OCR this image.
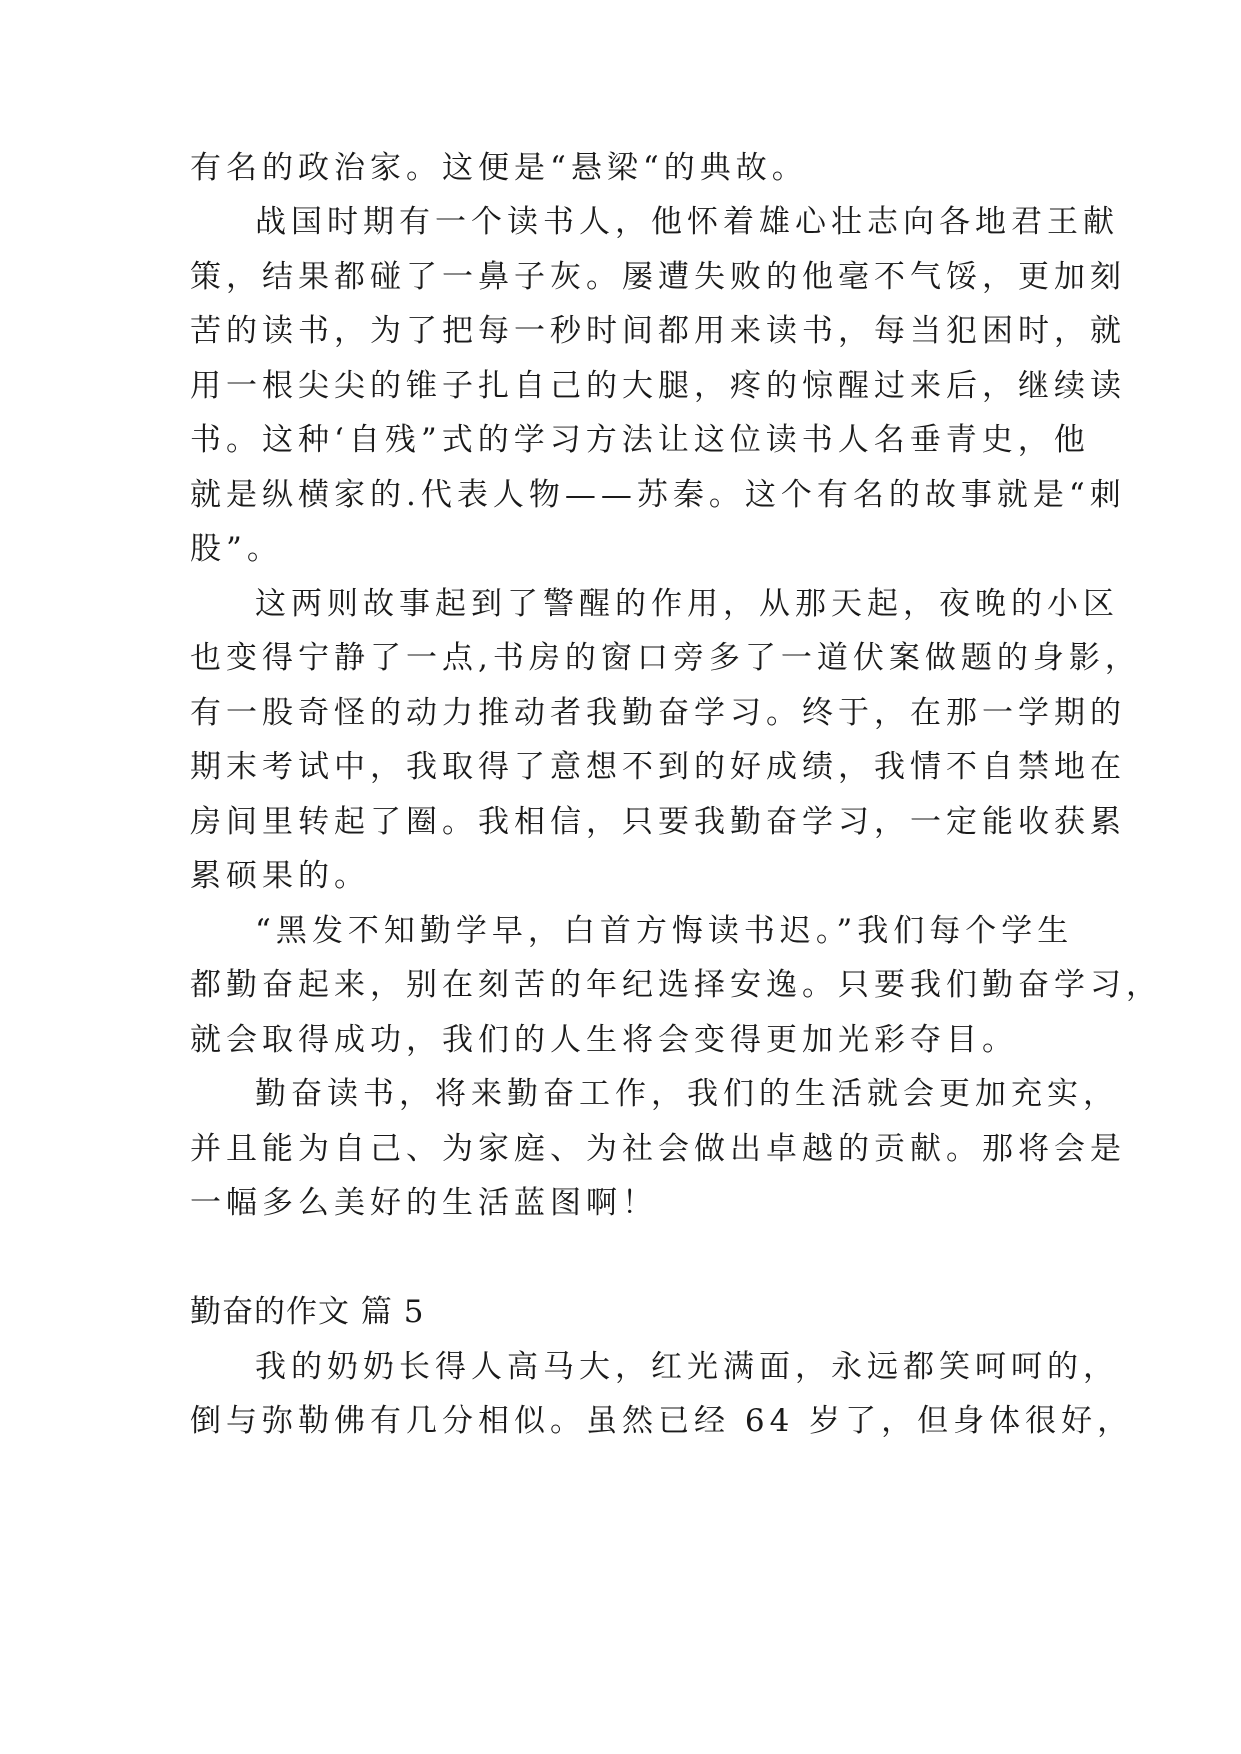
有名的政治家。这便是“悬梁“的典故。

战国时期有一个读书人，他怀着雄心壮志向各地君王献

策，结果都碰了一鼻子灰。屡遭失败的他毫不气馁，更加刻

苦的读书，为了把每一秒时间都用来读书，每当犯困时，就

用一根尖尖的锥子扎自己的大腿，疼的惊醒过来后，继续读

书。这种‘自残”式的学习方法让这位读书人名垂青史，他

就是纵横家的.代表人物——苏秦。这个有名的故事就是“刺

股”。

这两则故事起到了警醒的作用，从那天起，夜晚的小区

也变得宁静了一点,书房的窗口旁多了一道伏案做题的身影，

有一股奇怪的动力推动者我勤奋学习。终于，在那一学期的

期末考试中，我取得了意想不到的好成绩，我情不自禁地在

房间里转起了圈。我相信，只要我勤奋学习，一定能收获累

累硕果的。

“黑发不知勤学早，白首方悔读书迟。”我们每个学生

都勤奋起来，别在刻苦的年纪选择安逸。只要我们勤奋学习，

就会取得成功，我们的人生将会变得更加光彩夺目。

勤奋读书，将来勤奋工作，我们的生活就会更加充实，

并且能为自己、为家庭、为社会做出卓越的贡献。那将会是

一幅多么美好的生活蓝图啊！

勤奋的作文 篇 5

我的奶奶长得人高马大，红光满面，永远都笑呵呵的，

倒与弥勒佛有几分相似。虽然已经 64 岁了，但身体很好，
